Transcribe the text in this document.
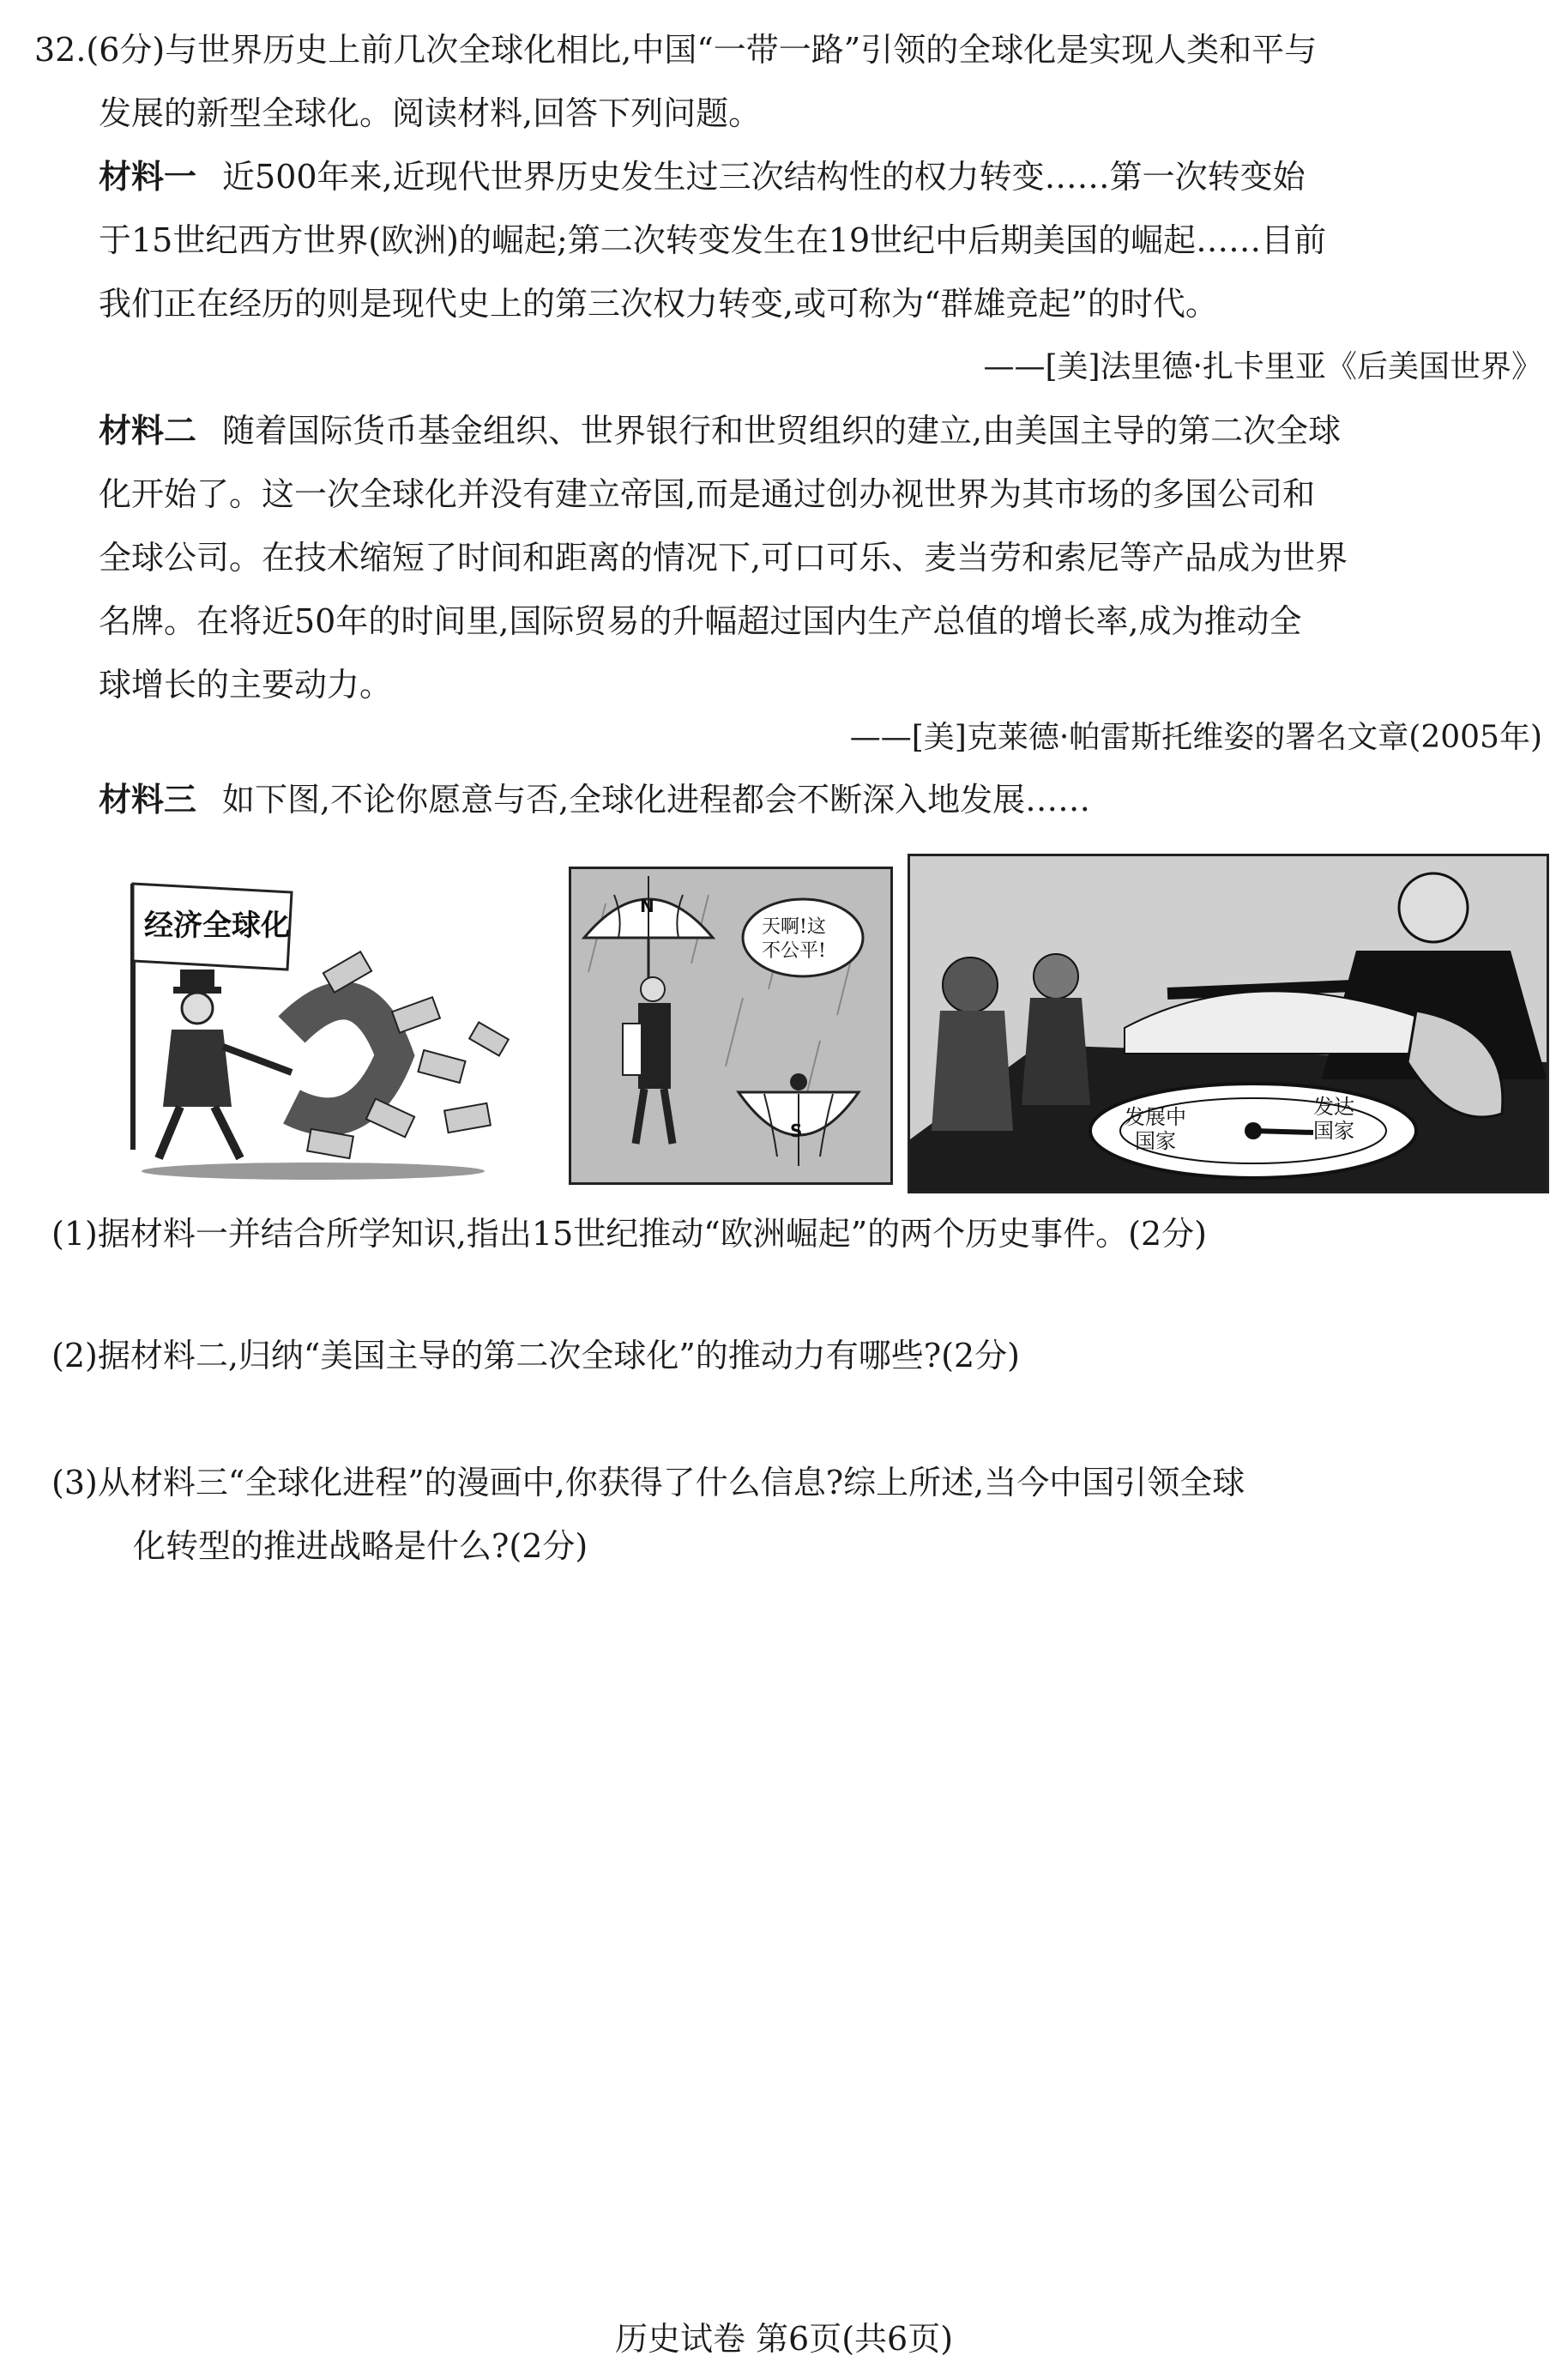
32.(6分)与世界历史上前几次全球化相比,中国“一带一路”引领的全球化是实现人类和平与
发展的新型全球化。阅读材料,回答下列问题。
材料一 近500年来,近现代世界历史发生过三次结构性的权力转变……第一次转变始
于15世纪西方世界(欧洲)的崛起;第二次转变发生在19世纪中后期美国的崛起……目前
我们正在经历的则是现代史上的第三次权力转变,或可称为“群雄竞起”的时代。
——[美]法里德·扎卡里亚《后美国世界》
材料二 随着国际货币基金组织、世界银行和世贸组织的建立,由美国主导的第二次全球
化开始了。这一次全球化并没有建立帝国,而是通过创办视世界为其市场的多国公司和
全球公司。在技术缩短了时间和距离的情况下,可口可乐、麦当劳和索尼等产品成为世界
名牌。在将近50年的时间里,国际贸易的升幅超过国内生产总值的增长率,成为推动全
球增长的主要动力。
——[美]克莱德·帕雷斯托维姿的署名文章(2005年)
材料三 如下图,不论你愿意与否,全球化进程都会不断深入地发展……
经济全球化
N
天啊!这
不公平!
S
发展中
国家
发达
国家
(1)据材料一并结合所学知识,指出15世纪推动“欧洲崛起”的两个历史事件。(2分)
(2)据材料二,归纳“美国主导的第二次全球化”的推动力有哪些?(2分)
(3)从材料三“全球化进程”的漫画中,你获得了什么信息?综上所述,当今中国引领全球
化转型的推进战略是什么?(2分)
历史试卷 第6页(共6页)
